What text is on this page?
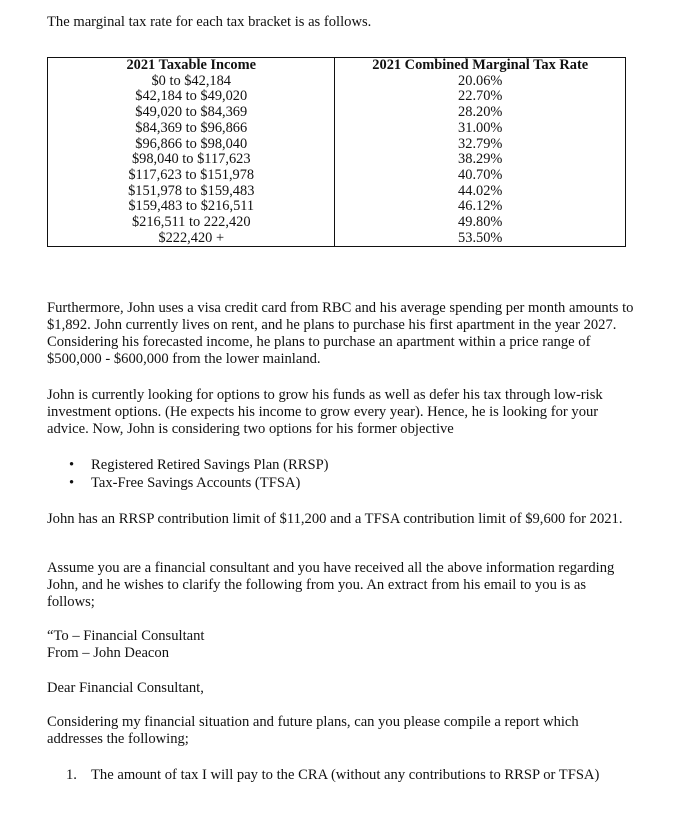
The marginal tax rate for each tax bracket is as follows.

2021 Taxable Income	2021 Combined Marginal Tax Rate
$0 to $42,184	20.06%
$42,184 to $49,020	22.70%
$49,020 to $84,369	28.20%
$84,369 to $96,866	31.00%
$96,866 to $98,040	32.79%
$98,040 to $117,623	38.29%
$117,623 to $151,978	40.70%
$151,978 to $159,483	44.02%
$159,483 to $216,511	46.12%
$216,511 to 222,420	49.80%
$222,420 +	53.50%

Furthermore, John uses a visa credit card from RBC and his average spending per month amounts to $1,892. John currently lives on rent, and he plans to purchase his first apartment in the year 2027. Considering his forecasted income, he plans to purchase an apartment within a price range of $500,000 - $600,000 from the lower mainland.

John is currently looking for options to grow his funds as well as defer his tax through low-risk investment options. (He expects his income to grow every year). Hence, he is looking for your advice. Now, John is considering two options for his former objective

• Registered Retired Savings Plan (RRSP)
• Tax-Free Savings Accounts (TFSA)

John has an RRSP contribution limit of $11,200 and a TFSA contribution limit of $9,600 for 2021.

Assume you are a financial consultant and you have received all the above information regarding John, and he wishes to clarify the following from you. An extract from his email to you is as follows;

“To – Financial Consultant
From – John Deacon

Dear Financial Consultant,

Considering my financial situation and future plans, can you please compile a report which addresses the following;

1. The amount of tax I will pay to the CRA (without any contributions to RRSP or TFSA)
